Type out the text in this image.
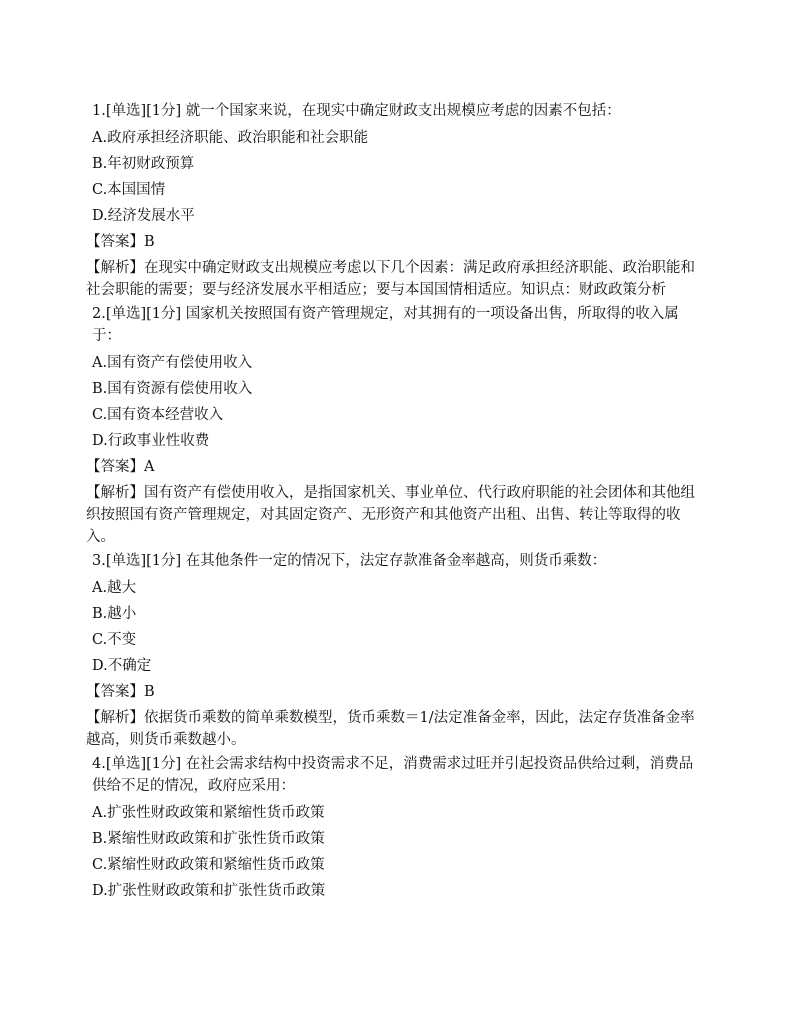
1.[单选][1分] 就一个国家来说，在现实中确定财政支出规模应考虑的因素不包括：
A.政府承担经济职能、政治职能和社会职能
B.年初财政预算
C.本国国情
D.经济发展水平
【答案】B
【解析】在现实中确定财政支出规模应考虑以下几个因素：满足政府承担经济职能、政治职能和社会职能的需要；要与经济发展水平相适应；要与本国国情相适应。知识点：财政政策分析
2.[单选][1分] 国家机关按照国有资产管理规定，对其拥有的一项设备出售，所取得的收入属于：
A.国有资产有偿使用收入
B.国有资源有偿使用收入
C.国有资本经营收入
D.行政事业性收费
【答案】A
【解析】国有资产有偿使用收入，是指国家机关、事业单位、代行政府职能的社会团体和其他组织按照国有资产管理规定，对其固定资产、无形资产和其他资产出租、出售、转让等取得的收入。
3.[单选][1分] 在其他条件一定的情况下，法定存款准备金率越高，则货币乘数：
A.越大
B.越小
C.不变
D.不确定
【答案】B
【解析】依据货币乘数的简单乘数模型，货币乘数＝1/法定准备金率，因此，法定存货准备金率越高，则货币乘数越小。
4.[单选][1分] 在社会需求结构中投资需求不足，消费需求过旺并引起投资品供给过剩，消费品供给不足的情况，政府应采用：
A.扩张性财政政策和紧缩性货币政策
B.紧缩性财政政策和扩张性货币政策
C.紧缩性财政政策和紧缩性货币政策
D.扩张性财政政策和扩张性货币政策
